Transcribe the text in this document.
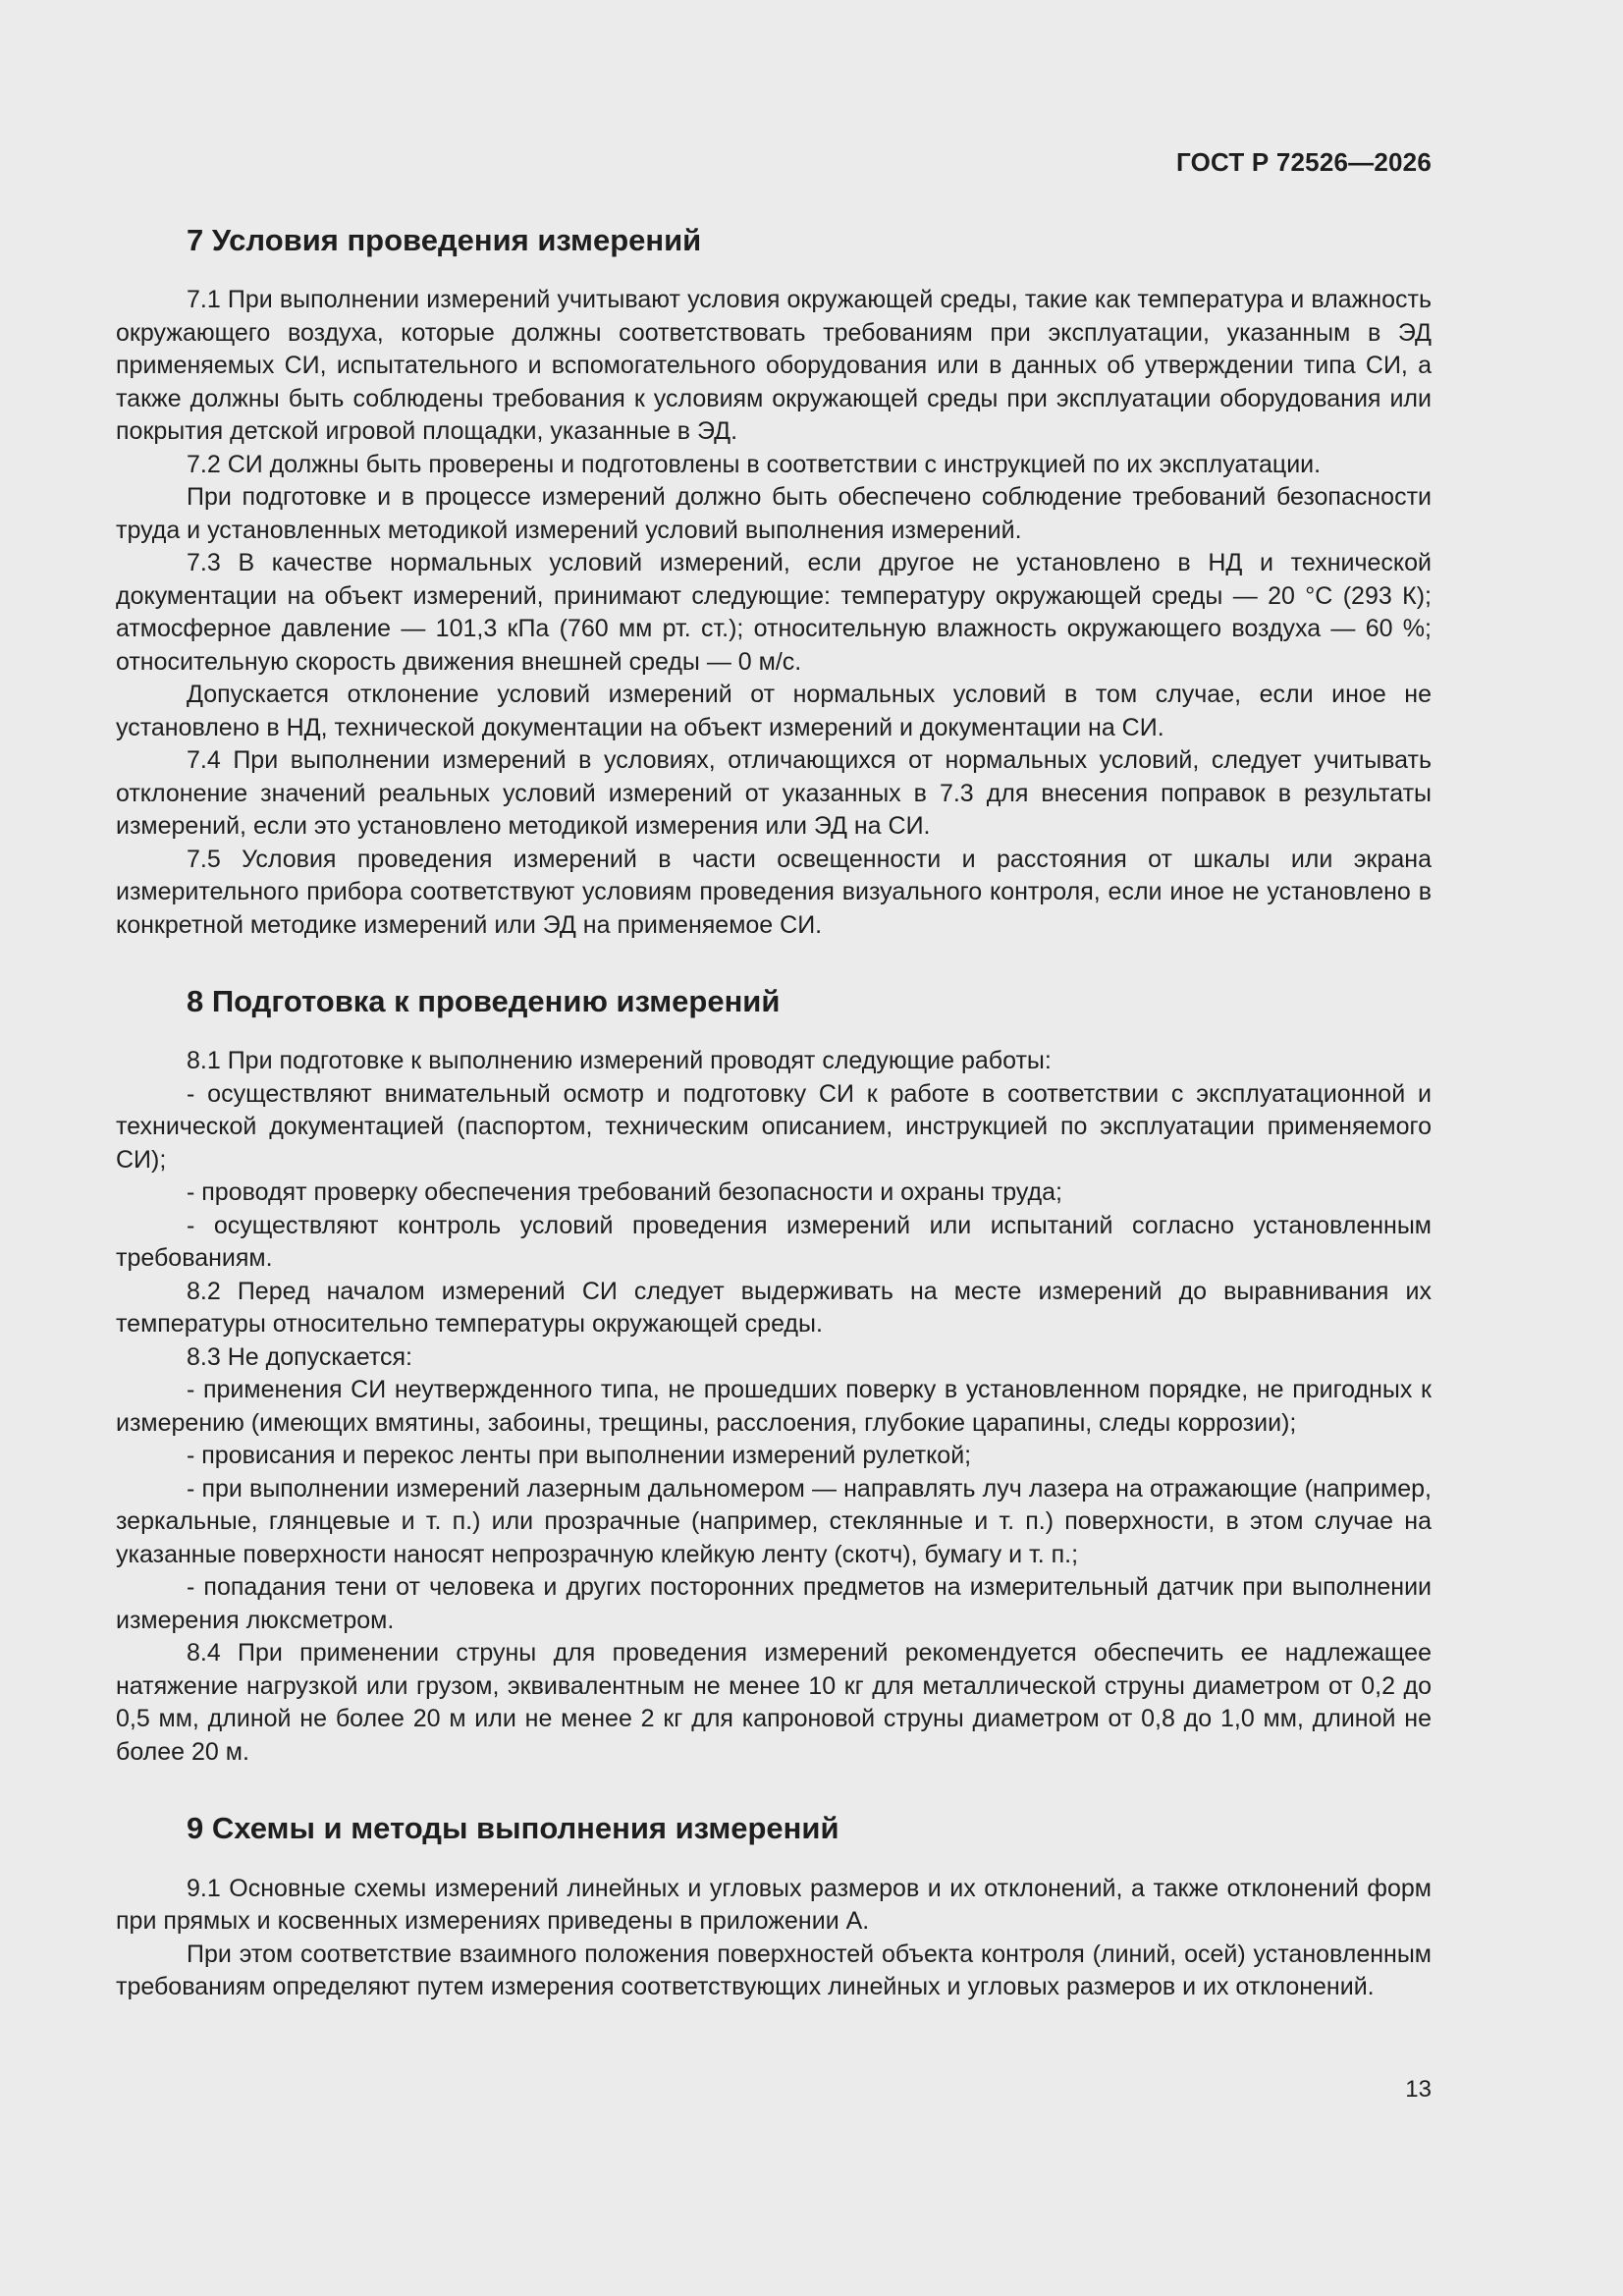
ГОСТ Р 72526—2026
7 Условия проведения измерений

7.1 При выполнении измерений учитывают условия окружающей среды, такие как температура и влажность окружающего воздуха, которые должны соответствовать требованиям при эксплуатации, указанным в ЭД применяемых СИ, испытательного и вспомогательного оборудования или в данных об утверждении типа СИ, а также должны быть соблюдены требования к условиям окружающей среды при эксплуатации оборудования или покрытия детской игровой площадки, указанные в ЭД.

7.2 СИ должны быть проверены и подготовлены в соответствии с инструкцией по их эксплуатации.

При подготовке и в процессе измерений должно быть обеспечено соблюдение требований безопасности труда и установленных методикой измерений условий выполнения измерений.

7.3 В качестве нормальных условий измерений, если другое не установлено в НД и технической документации на объект измерений, принимают следующие: температуру окружающей среды — 20 °С (293 К); атмосферное давление — 101,3 кПа (760 мм рт. ст.); относительную влажность окружающего воздуха — 60 %; относительную скорость движения внешней среды — 0 м/с.

Допускается отклонение условий измерений от нормальных условий в том случае, если иное не установлено в НД, технической документации на объект измерений и документации на СИ.

7.4 При выполнении измерений в условиях, отличающихся от нормальных условий, следует учитывать отклонение значений реальных условий измерений от указанных в 7.3 для внесения поправок в результаты измерений, если это установлено методикой измерения или ЭД на СИ.

7.5 Условия проведения измерений в части освещенности и расстояния от шкалы или экрана измерительного прибора соответствуют условиям проведения визуального контроля, если иное не установлено в конкретной методике измерений или ЭД на применяемое СИ.

8 Подготовка к проведению измерений

8.1 При подготовке к выполнению измерений проводят следующие работы:

- осуществляют внимательный осмотр и подготовку СИ к работе в соответствии с эксплуатационной и технической документацией (паспортом, техническим описанием, инструкцией по эксплуатации применяемого СИ);

- проводят проверку обеспечения требований безопасности и охраны труда;

- осуществляют контроль условий проведения измерений или испытаний согласно установленным требованиям.

8.2 Перед началом измерений СИ следует выдерживать на месте измерений до выравнивания их температуры относительно температуры окружающей среды.

8.3 Не допускается:

- применения СИ неутвержденного типа, не прошедших поверку в установленном порядке, не пригодных к измерению (имеющих вмятины, забоины, трещины, расслоения, глубокие царапины, следы коррозии);

- провисания и перекос ленты при выполнении измерений рулеткой;

- при выполнении измерений лазерным дальномером — направлять луч лазера на отражающие (например, зеркальные, глянцевые и т. п.) или прозрачные (например, стеклянные и т. п.) поверхности, в этом случае на указанные поверхности наносят непрозрачную клейкую ленту (скотч), бумагу и т. п.;

- попадания тени от человека и других посторонних предметов на измерительный датчик при выполнении измерения люксметром.

8.4 При применении струны для проведения измерений рекомендуется обеспечить ее надлежащее натяжение нагрузкой или грузом, эквивалентным не менее 10 кг для металлической струны диаметром от 0,2 до 0,5 мм, длиной не более 20 м или не менее 2 кг для капроновой струны диаметром от 0,8 до 1,0 мм, длиной не более 20 м.

9 Схемы и методы выполнения измерений

9.1 Основные схемы измерений линейных и угловых размеров и их отклонений, а также отклонений форм при прямых и косвенных измерениях приведены в приложении А.

При этом соответствие взаимного положения поверхностей объекта контроля (линий, осей) установленным требованиям определяют путем измерения соответствующих линейных и угловых размеров и их отклонений.

13
